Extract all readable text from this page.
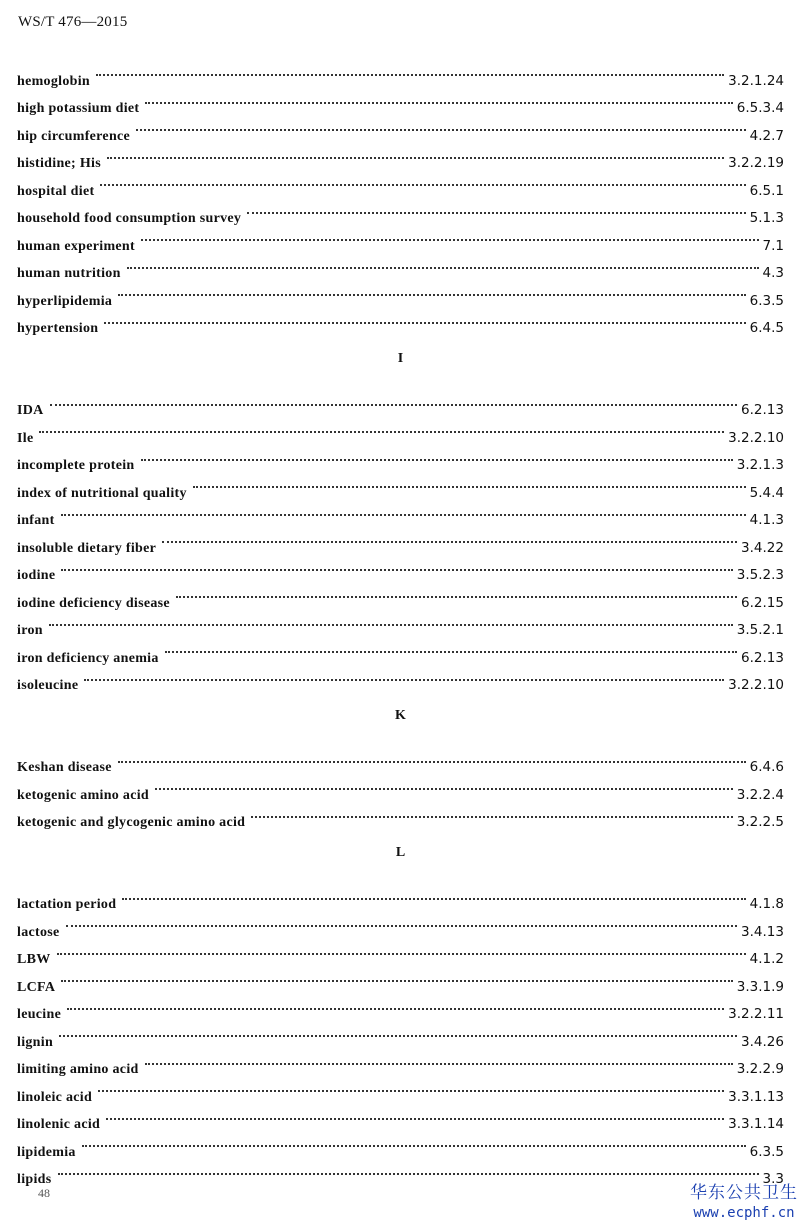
WS/T 476—2015
hemoglobin	3.2.1.24
high potassium diet	6.5.3.4
hip circumference	4.2.7
histidine; His	3.2.2.19
hospital diet	6.5.1
household food consumption survey	5.1.3
human experiment	7.1
human nutrition	4.3
hyperlipidemia	6.3.5
hypertension	6.4.5
I
IDA	6.2.13
Ile	3.2.2.10
incomplete protein	3.2.1.3
index of nutritional quality	5.4.4
infant	4.1.3
insoluble dietary fiber	3.4.22
iodine	3.5.2.3
iodine deficiency disease	6.2.15
iron	3.5.2.1
iron deficiency anemia	6.2.13
isoleucine	3.2.2.10
K
Keshan disease	6.4.6
ketogenic amino acid	3.2.2.4
ketogenic and glycogenic amino acid	3.2.2.5
L
lactation period	4.1.8
lactose	3.4.13
LBW	4.1.2
LCFA	3.3.1.9
leucine	3.2.2.11
lignin	3.4.26
limiting amino acid	3.2.2.9
linoleic acid	3.3.1.13
linolenic acid	3.3.1.14
lipidemia	6.3.5
lipids	3.3
48	华东公共卫生
www.ecphf.cn
